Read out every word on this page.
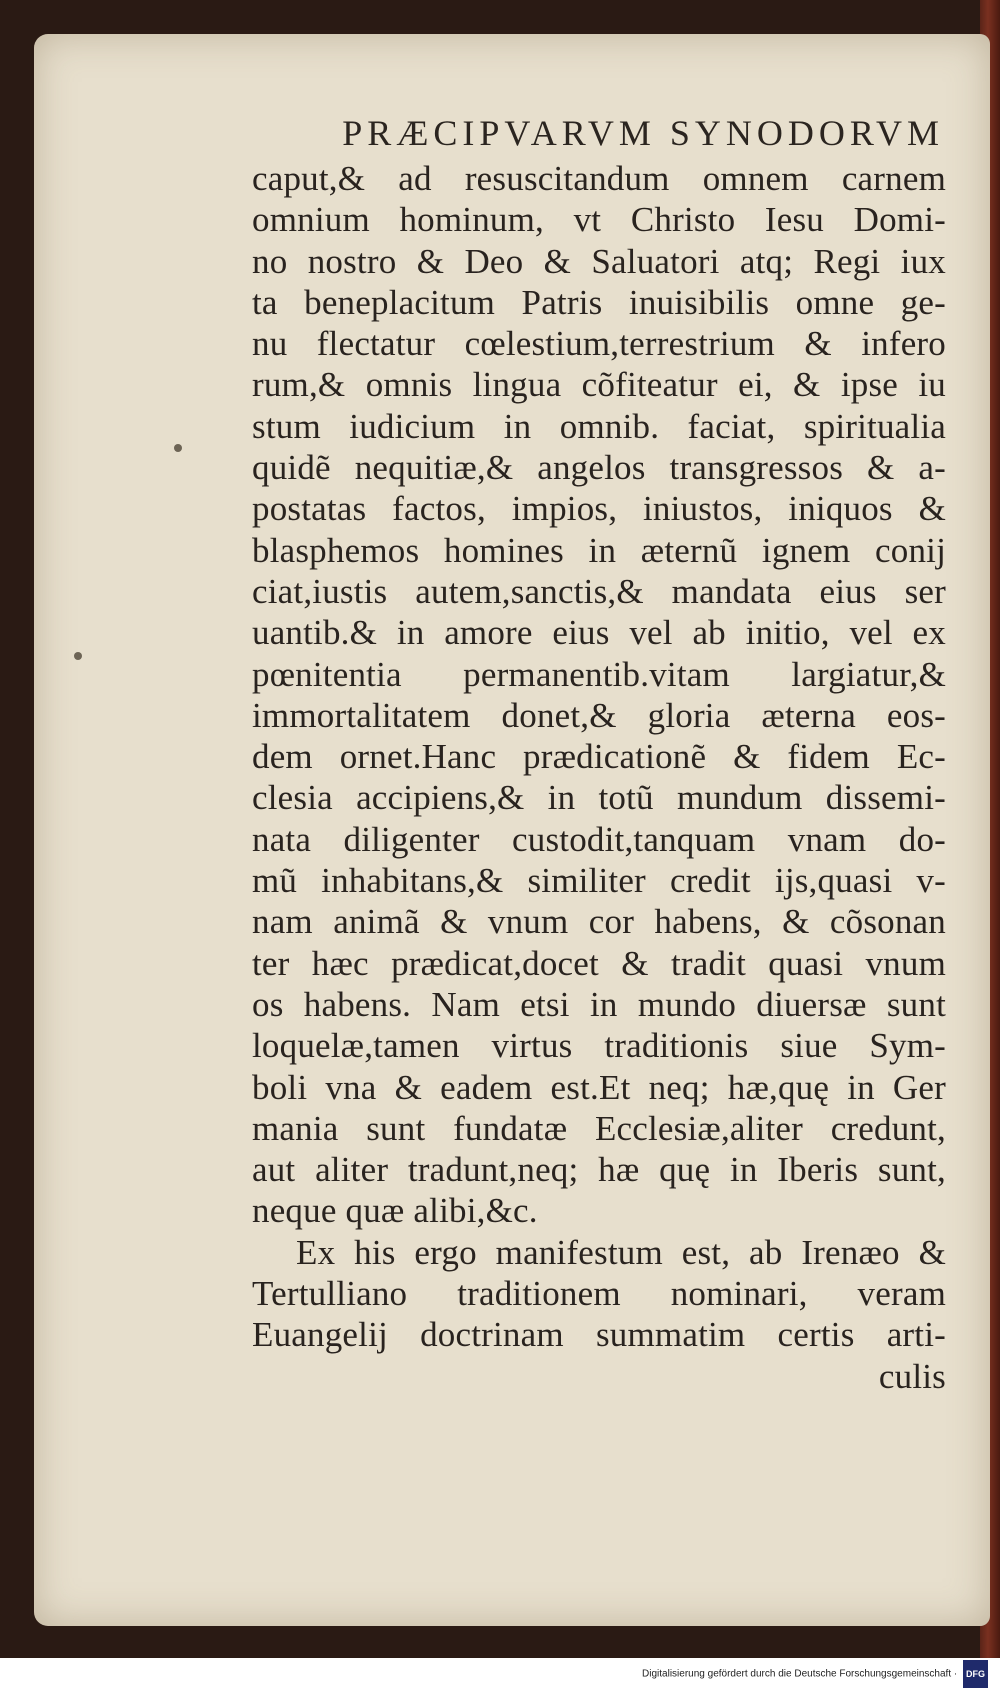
PRÆCIPVARVM SYNODORVM
caput,& ad resuscitandum omnem carnem
omnium hominum, vt Christo Iesu Domi-
no nostro & Deo & Saluatori atq; Regi iux
ta beneplacitum Patris inuisibilis omne ge-
nu flectatur cœlestium,terrestrium & infero
rum,& omnis lingua cõfiteatur ei, & ipse iu
stum iudicium in omnib. faciat, spiritualia
quidẽ nequitiæ,& angelos transgressos & a-
postatas factos, impios, iniustos, iniquos &
blasphemos homines in æternũ ignem conij
ciat,iustis autem,sanctis,& mandata eius ser
uantib.& in amore eius vel ab initio, vel ex
pœnitentia permanentib.vitam largiatur,&
immortalitatem donet,& gloria æterna eos-
dem ornet.Hanc prædicationẽ & fidem Ec-
clesia accipiens,& in totũ mundum dissemi-
nata diligenter custodit,tanquam vnam do-
mũ inhabitans,& similiter credit ijs,quasi v-
nam animã & vnum cor habens, & cõsonan
ter hæc prædicat,docet & tradit quasi vnum
os habens. Nam etsi in mundo diuersæ sunt
loquelæ,tamen virtus traditionis siue Sym-
boli vna & eadem est.Et neq; hæ,quę in Ger
mania sunt fundatæ Ecclesiæ,aliter credunt,
aut aliter tradunt,neq; hæ quę in Iberis sunt,
neque quæ alibi,&c.
Ex his ergo manifestum est, ab Irenæo &
Tertulliano traditionem nominari, veram
Euangelij doctrinam summatim certis arti-
culis
Digitalisierung gefördert durch die Deutsche Forschungsgemeinschaft · DFG
